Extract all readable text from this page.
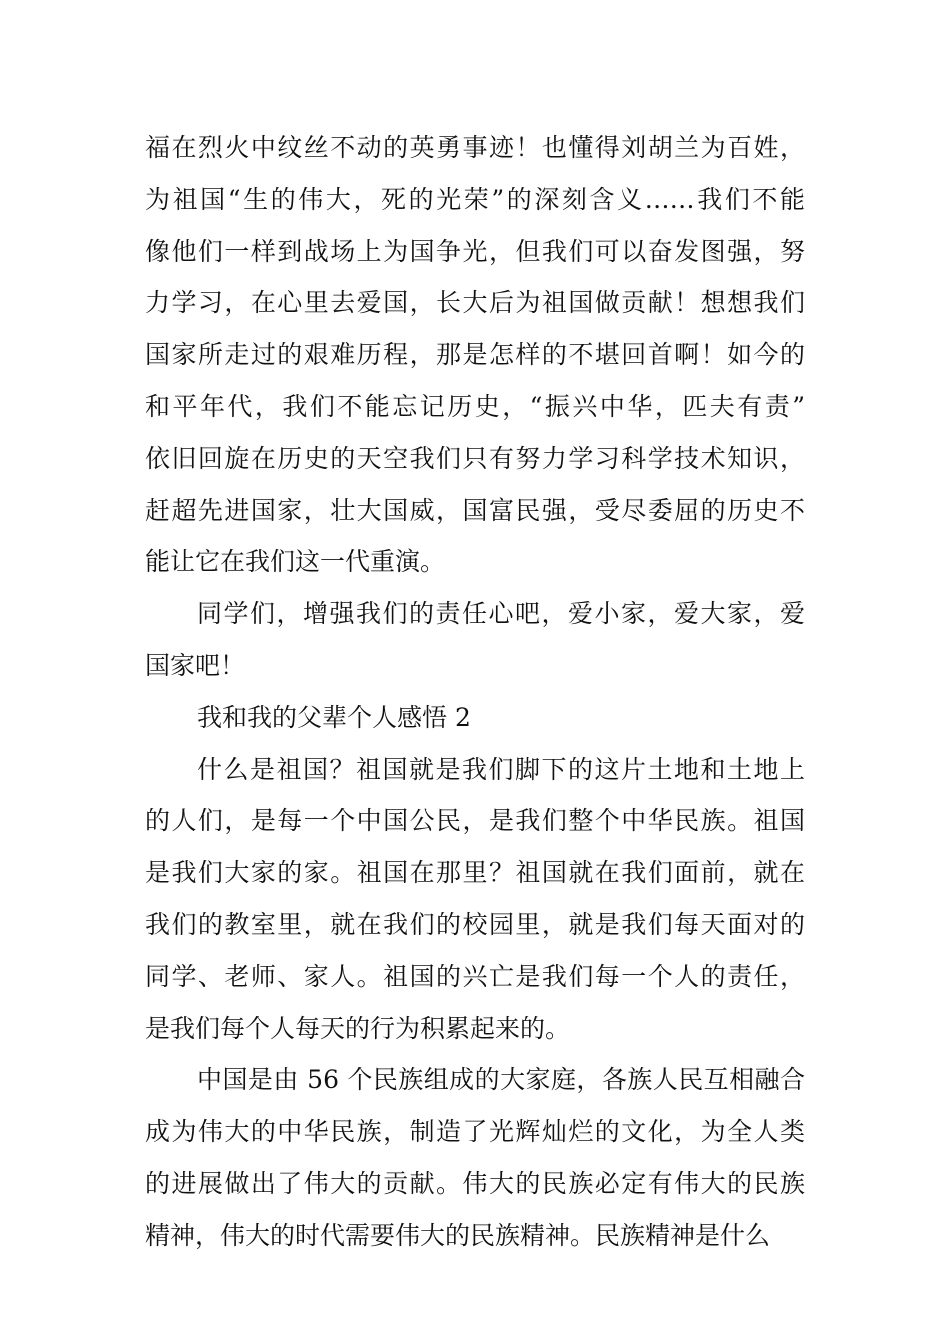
福在烈火中纹丝不动的英勇事迹！也懂得刘胡兰为百姓，
为祖国“生的伟大，死的光荣”的深刻含义……我们不能
像他们一样到战场上为国争光，但我们可以奋发图强，努
力学习，在心里去爱国，长大后为祖国做贡献！想想我们
国家所走过的艰难历程，那是怎样的不堪回首啊！如今的
和平年代，我们不能忘记历史，“振兴中华，匹夫有责”
依旧回旋在历史的天空我们只有努力学习科学技术知识，
赶超先进国家，壮大国威，国富民强，受尽委屈的历史不
能让它在我们这一代重演。
同学们，增强我们的责任心吧，爱小家，爱大家，爱
国家吧！
我和我的父辈个人感悟 2
什么是祖国？祖国就是我们脚下的这片土地和土地上
的人们，是每一个中国公民，是我们整个中华民族。祖国
是我们大家的家。祖国在那里？祖国就在我们面前，就在
我们的教室里，就在我们的校园里，就是我们每天面对的
同学、老师、家人。祖国的兴亡是我们每一个人的责任，
是我们每个人每天的行为积累起来的。
中国是由 56 个民族组成的大家庭，各族人民互相融合
成为伟大的中华民族，制造了光辉灿烂的文化，为全人类
的进展做出了伟大的贡献。伟大的民族必定有伟大的民族
精神，伟大的时代需要伟大的民族精神。民族精神是什么
